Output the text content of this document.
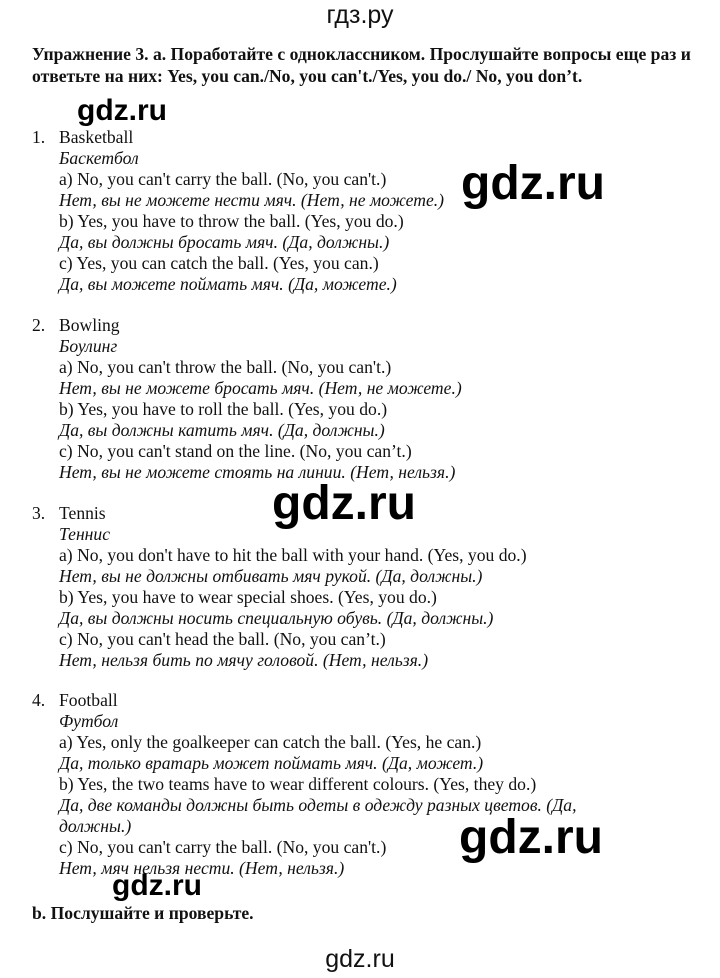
гдз.ру
Упражнение 3. а. Поработайте с одноклассником. Прослушайте вопросы еще раз и ответьте на них: Yes, you can./No, you can't./Yes, you do./ No, you don’t.
1. Basketball
Баскетбол
a) No, you can't carry the ball. (No, you can't.)
Нет, вы не можете нести мяч. (Нет, не можете.)
b) Yes, you have to throw the ball. (Yes, you do.)
Да, вы должны бросать мяч. (Да, должны.)
c) Yes, you can catch the ball. (Yes, you can.)
Да, вы можете поймать мяч. (Да, можете.)
2. Bowling
Боулинг
a) No, you can't throw the ball. (No, you can't.)
Нет, вы не можете бросать мяч. (Нет, не можете.)
b) Yes, you have to roll the ball. (Yes, you do.)
Да, вы должны катить мяч. (Да, должны.)
c) No, you can't stand on the line. (No, you can’t.)
Нет, вы не можете стоять на линии. (Нет, нельзя.)
3. Tennis
Теннис
a) No, you don't have to hit the ball with your hand. (Yes, you do.)
Нет, вы не должны отбивать мяч рукой. (Да, должны.)
b) Yes, you have to wear special shoes. (Yes, you do.)
Да, вы должны носить специальную обувь. (Да, должны.)
c) No, you can't head the ball. (No, you can’t.)
Нет, нельзя бить по мячу головой. (Нет, нельзя.)
4. Football
Футбол
a) Yes, only the goalkeeper can catch the ball. (Yes, he can.)
Да, только вратарь может поймать мяч. (Да, может.)
b) Yes, the two teams have to wear different colours. (Yes, they do.)
Да, две команды должны быть одеты в одежду разных цветов. (Да, должны.)
c) No, you can't carry the ball. (No, you can't.)
Нет, мяч нельзя нести. (Нет, нельзя.)
b. Послушайте и проверьте.
gdz.ru
gdz.ru
gdz.ru
gdz.ru
gdz.ru
gdz.ru
